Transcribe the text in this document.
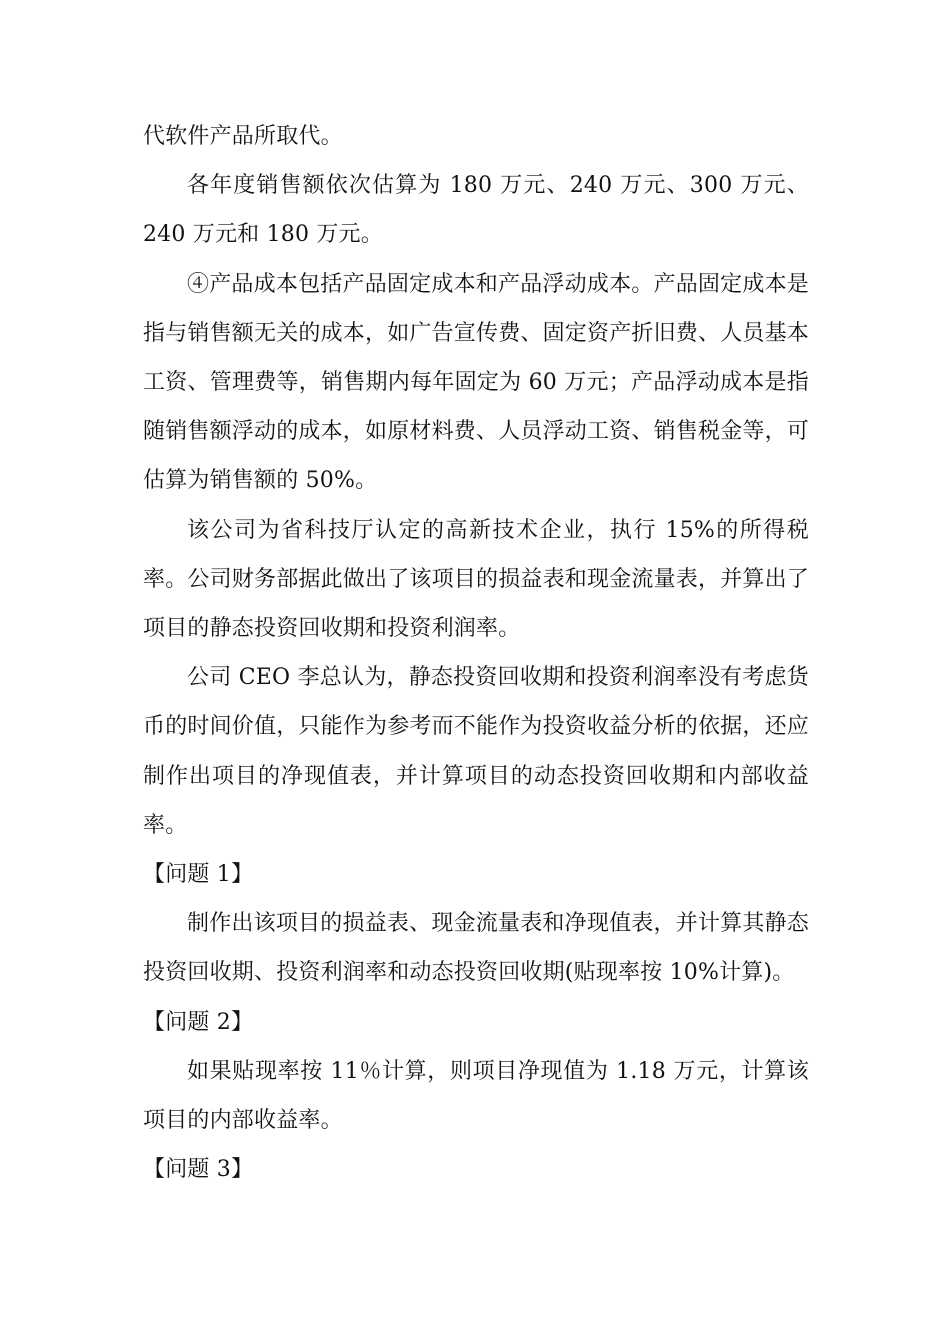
代软件产品所取代。

各年度销售额依次估算为 180 万元、240 万元、300 万元、240 万元和 180 万元。

④产品成本包括产品固定成本和产品浮动成本。产品固定成本是指与销售额无关的成本，如广告宣传费、固定资产折旧费、人员基本工资、管理费等，销售期内每年固定为 60 万元；产品浮动成本是指随销售额浮动的成本，如原材料费、人员浮动工资、销售税金等，可估算为销售额的 50%。

该公司为省科技厅认定的高新技术企业，执行 15%的所得税率。公司财务部据此做出了该项目的损益表和现金流量表，并算出了项目的静态投资回收期和投资利润率。

公司 CEO 李总认为，静态投资回收期和投资利润率没有考虑货币的时间价值，只能作为参考而不能作为投资收益分析的依据，还应制作出项目的净现值表，并计算项目的动态投资回收期和内部收益率。

【问题 1】

制作出该项目的损益表、现金流量表和净现值表，并计算其静态投资回收期、投资利润率和动态投资回收期(贴现率按 10%计算)。

【问题 2】

如果贴现率按 11％计算，则项目净现值为 1.18 万元，计算该项目的内部收益率。

【问题 3】
